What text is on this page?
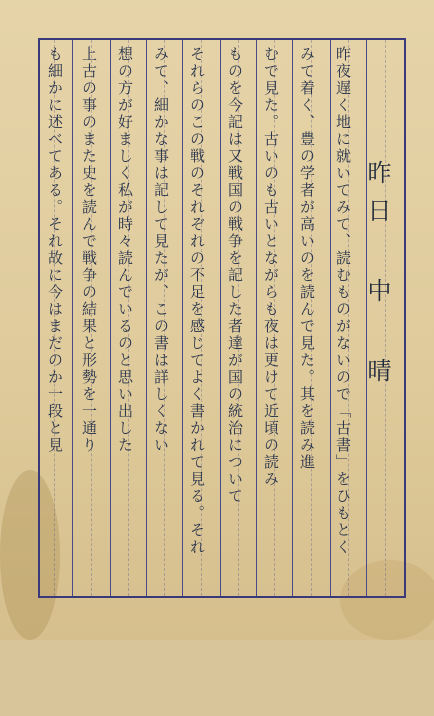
昨日 中 晴
昨夜遅く地に就いてみて、読むものがないので「古書」をひもとく
みて着く、豊の学者が高いのを読んで見た。其を読み進
むで見た。古いのも古いとながらも夜は更けて近頃の読み
ものを今記は又戦国の戦争を記した者達が国の統治について
それらのこの戦のそれぞれの不足を感じてよく書かれて見る。それ
みて、細かな事は記して見たが、この書は詳しくない
想の方が好ましく私が時々読んでいるのと思い出した
上古の事のまた史を読んで戦争の結果と形勢を一通り
も細かに述べてある。それ故に今はまだのか一段と見
